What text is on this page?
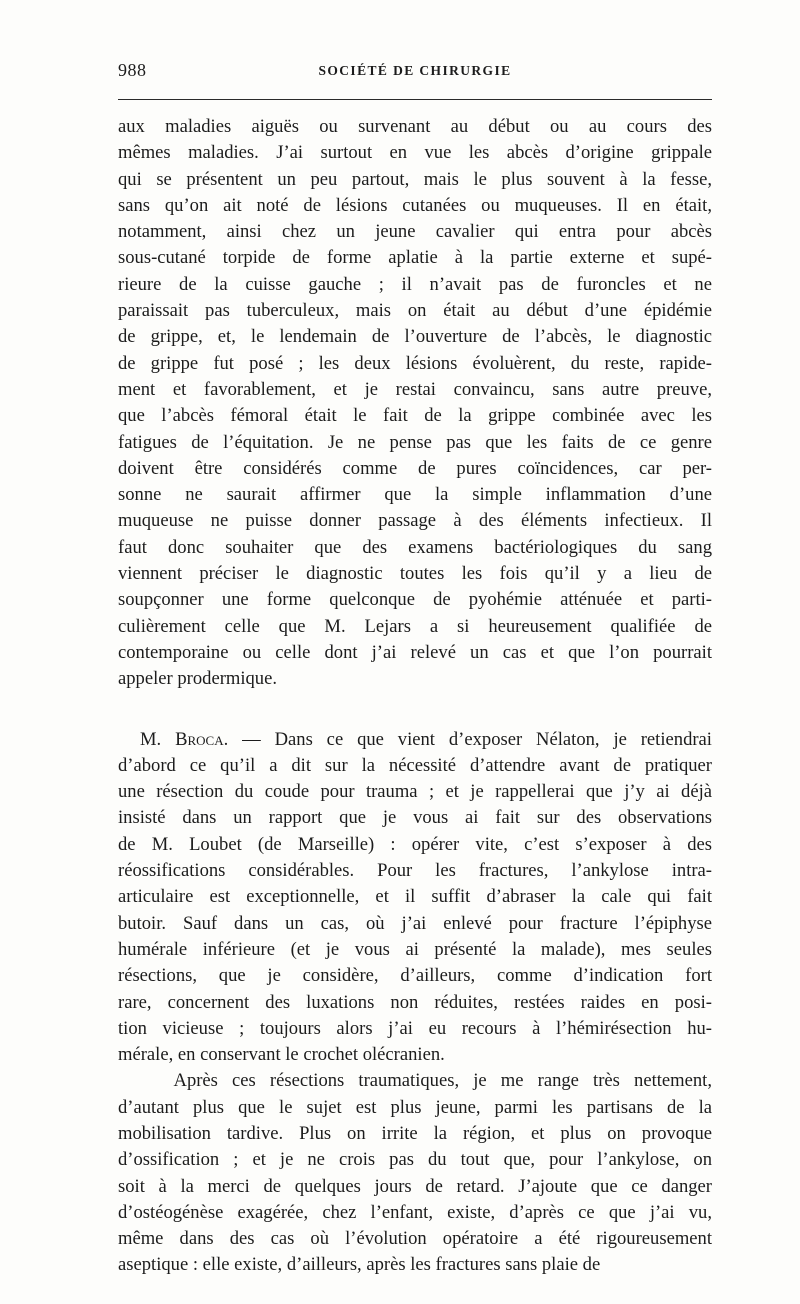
988	SOCIÉTÉ DE CHIRURGIE
aux maladies aiguës ou survenant au début ou au cours des
mêmes maladies. J’ai surtout en vue les abcès d’origine grippale
qui se présentent un peu partout, mais le plus souvent à la fesse,
sans qu’on ait noté de lésions cutanées ou muqueuses. Il en était,
notamment, ainsi chez un jeune cavalier qui entra pour abcès
sous-cutané torpide de forme aplatie à la partie externe et supé-
rieure de la cuisse gauche ; il n’avait pas de furoncles et ne
paraissait pas tuberculeux, mais on était au début d’une épidémie
de grippe, et, le lendemain de l’ouverture de l’abcès, le diagnostic
de grippe fut posé ; les deux lésions évoluèrent, du reste, rapide-
ment et favorablement, et je restai convaincu, sans autre preuve,
que l’abcès fémoral était le fait de la grippe combinée avec les
fatigues de l’équitation. Je ne pense pas que les faits de ce genre
doivent être considérés comme de pures coïncidences, car per-
sonne ne saurait affirmer que la simple inflammation d’une
muqueuse ne puisse donner passage à des éléments infectieux. Il
faut donc souhaiter que des examens bactériologiques du sang
viennent préciser le diagnostic toutes les fois qu’il y a lieu de
soupçonner une forme quelconque de pyohémie atténuée et parti-
culièrement celle que M. Lejars a si heureusement qualifiée de
contemporaine ou celle dont j’ai relevé un cas et que l’on pourrait
appeler prodermique.
M. Broca. — Dans ce que vient d’exposer Nélaton, je retiendrai
d’abord ce qu’il a dit sur la nécessité d’attendre avant de pratiquer
une résection du coude pour trauma ; et je rappellerai que j’y ai déjà
insisté dans un rapport que je vous ai fait sur des observations
de M. Loubet (de Marseille) : opérer vite, c’est s’exposer à des
réossifications considérables. Pour les fractures, l’ankylose intra-
articulaire est exceptionnelle, et il suffit d’abraser la cale qui fait
butoir. Sauf dans un cas, où j’ai enlevé pour fracture l’épiphyse
humérale inférieure (et je vous ai présenté la malade), mes seules
résections, que je considère, d’ailleurs, comme d’indication fort
rare, concernent des luxations non réduites, restées raides en posi-
tion vicieuse ; toujours alors j’ai eu recours à l’hémirésection hu-
mérale, en conservant le crochet olécranien.
Après ces résections traumatiques, je me range très nettement,
d’autant plus que le sujet est plus jeune, parmi les partisans de la
mobilisation tardive. Plus on irrite la région, et plus on provoque
d’ossification ; et je ne crois pas du tout que, pour l’ankylose, on
soit à la merci de quelques jours de retard. J’ajoute que ce danger
d’ostéogénèse exagérée, chez l’enfant, existe, d’après ce que j’ai vu,
même dans des cas où l’évolution opératoire a été rigoureusement
aseptique : elle existe, d’ailleurs, après les fractures sans plaie de
